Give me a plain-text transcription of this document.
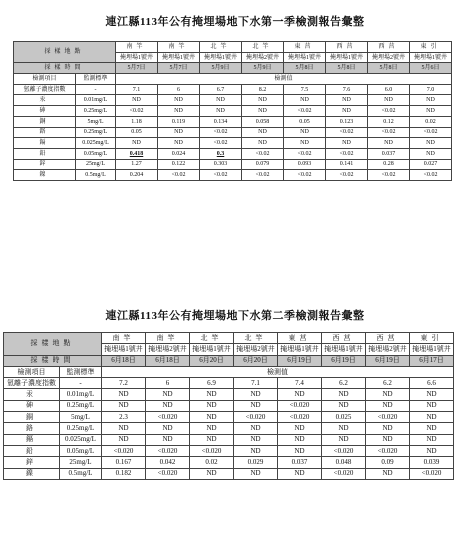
連江縣113年公有掩埋場地下水第一季檢測報告彙整
採樣地點		南竿	南竿	北竿	北竿	東莒	西莒	西莒	東引
		掩埋場1號井	掩埋場1號井	掩埋場1號井	掩埋場2號井	掩埋場1號井	掩埋場1號井	掩埋場2號井	掩埋場1號井
採樣時間		5月7日	5月7日	5月9日	5月9日	5月8日	5月8日	5月8日	5月6日
檢測項目	監測標準	檢測值							
氫離子濃度指數	-	7.1	6	6.7	8.2	7.5	7.6	6.0	7.0
汞	0.01mg/L	ND	ND	ND	ND	ND	ND	ND	ND
砷	0.25mg/L	<0.02	ND	ND	ND	<0.02	ND	<0.02	ND
銅	5mg/L	1.18	0.119	0.134	0.058	0.05	0.123	0.12	0.02
鉻	0.25mg/L	0.05	ND	<0.02	ND	ND	<0.02	<0.02	<0.02
鎘	0.025mg/L	ND	ND	<0.02	ND	ND	ND	ND	ND
鉛	0.05mg/L	0.418	0.024	0.3	<0.02	<0.02	<0.02	0.037	ND
鋅	25mg/L	1.27	0.122	0.303	0.079	0.093	0.141	0.28	0.027
鎳	0.5mg/L	0.204	<0.02	<0.02	<0.02	<0.02	<0.02	<0.02	<0.02
連江縣113年公有掩埋場地下水第二季檢測報告彙整
採樣地點		南竿	南竿	北竿	北竿	東莒	西莒	西莒	東引
		掩埋場1號井	掩埋場2號井	掩埋場1號井	掩埋場2號井	掩埋場1號井	掩埋場1號井	掩埋場2號井	掩埋場1號井
採樣時間		6月18日	6月18日	6月20日	6月20日	6月19日	6月19日	6月19日	6月17日
檢測項目	監測標準	檢測值							
氫離子濃度指數	-	7.2	6	6.9	7.1	7.4	6.2	6.2	6.6
汞	0.01mg/L	ND	ND	ND	ND	ND	ND	ND	ND
砷	0.25mg/L	ND	ND	ND	ND	<0.020	ND	ND	ND
銅	5mg/L	2.3	<0.020	ND	<0.020	<0.020	0.025	<0.020	ND
鉻	0.25mg/L	ND	ND	ND	ND	ND	ND	ND	ND
鎘	0.025mg/L	ND	ND	ND	ND	ND	ND	ND	ND
鉛	0.05mg/L	<0.020	<0.020	<0.020	ND	ND	<0.020	<0.020	ND
鋅	25mg/L	0.167	0.042	0.02	0.029	0.037	0.048	0.09	0.039
鎳	0.5mg/L	0.182	<0.020	ND	ND	ND	<0.020	ND	<0.020
